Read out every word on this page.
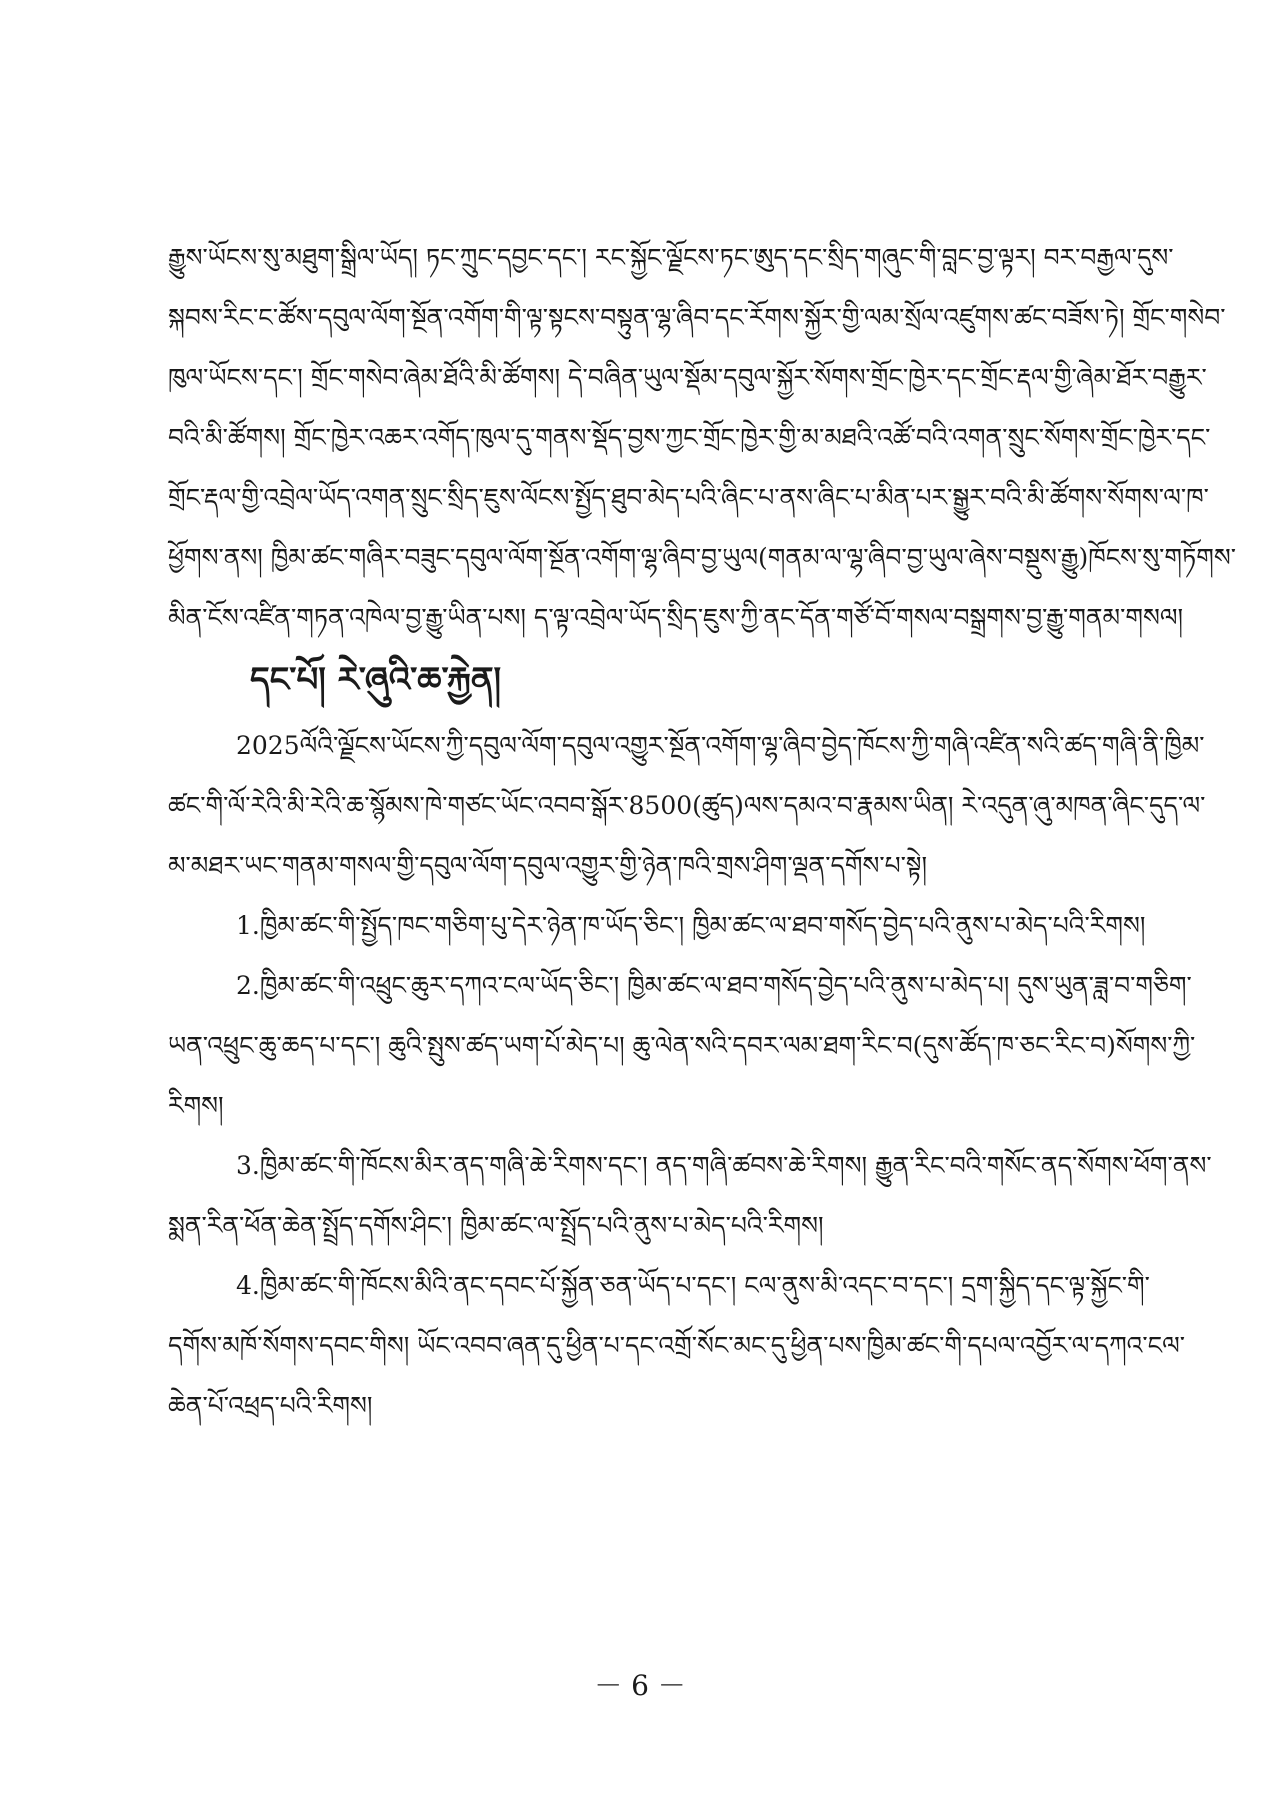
རྒྱུས་ཡོངས་སུ་མཐུག་སྒྲིལ་ཡོད། ཏང་ཀྲུང་དབྱང་དང་། རང་སྐྱོང་ལྗོངས་ཏང་ཨུད་དང་སྲིད་གཞུང་གི་བླང་བྱ་ལྟར། བར་བརྒྱལ་དུས་
སྐབས་རིང་ང་ཚོས་དབུལ་ལོག་སྔོན་འགོག་གི་ལྟ་སྟངས་བསྟུན་ལྷ་ཞིབ་དང་རོགས་སྐྱོར་གྱི་ལམ་སྲོལ་འཛུགས་ཚང་བཟོས་ཏེ། གྲོང་གསེབ་
ཁུལ་ཡོངས་དང་། གྲོང་གསེབ་ཞེམ་ཐོའི་མི་ཚོགས། དེ་བཞིན་ཡུལ་སྡོམ་དབུལ་སྐྱོར་སོགས་གྲོང་ཁྱེར་དང་གྲོང་རྡལ་གྱི་ཞེམ་ཐོར་བརྒྱུར་
བའི་མི་ཚོགས། གྲོང་ཁྱེར་འཆར་འགོད་ཁུལ་དུ་གནས་སྡོད་བྱས་ཀྱང་གྲོང་ཁྱེར་གྱི་མ་མཐའི་འཚོ་བའི་འགན་སྲུང་སོགས་གྲོང་ཁྱེར་དང་
གྲོང་རྡལ་གྱི་འབྲེལ་ཡོད་འགན་སྲུང་སྲིད་ཇུས་ལོངས་སྤྱོད་ཐུབ་མེད་པའི་ཞིང་པ་ནས་ཞིང་པ་མིན་པར་སྒྱུར་བའི་མི་ཚོགས་སོགས་ལ་ཁ་
ཕྱོགས་ནས། ཁྱིམ་ཚང་གཞིར་བཟུང་དབུལ་ལོག་སྔོན་འགོག་ལྷ་ཞིབ་བྱ་ཡུལ(གནམ་ལ་ལྷ་ཞིབ་བྱ་ཡུལ་ཞེས་བསྡུས་རྒྱུ)ཁོངས་སུ་གཏོགས་
མིན་ངོས་འཛིན་གཏན་འཁེལ་བྱ་རྒྱུ་ཡིན་པས། ད་ལྟ་འབྲེལ་ཡོད་སྲིད་ཇུས་ཀྱི་ནང་དོན་གཙོ་བོ་གསལ་བསྒྲགས་བྱ་རྒྱུ་གནམ་གསལ།
དང་པོ། རེ་ཞུའི་ཆ་རྐྱེན།
2025ལོའི་ལྗོངས་ཡོངས་ཀྱི་དབུལ་ལོག་དབུལ་འགྱུར་སྔོན་འགོག་ལྷ་ཞིབ་བྱེད་ཁོངས་ཀྱི་གཞི་འཛིན་སའི་ཚད་གཞི་ནི་ཁྱིམ་
ཚང་གི་ལོ་རེའི་མི་རེའི་ཆ་སྙོམས་ཁེ་གཙང་ཡོང་འབབ་སྒོར་8500(ཚུད)ལས་དམའ་བ་རྣམས་ཡིན། རེ་འདུན་ཞུ་མཁན་ཞིང་དུད་ལ་
མ་མཐར་ཡང་གནམ་གསལ་གྱི་དབུལ་ལོག་དབུལ་འགྱུར་གྱི་ཉེན་ཁའི་གྲས་ཤིག་ལྡན་དགོས་པ་སྟེ།
1.ཁྱིམ་ཚང་གི་སྤྱོད་ཁང་གཅིག་པུ་དེར་ཉེན་ཁ་ཡོད་ཅིང་། ཁྱིམ་ཚང་ལ་ཐབ་གསོད་བྱེད་པའི་ནུས་པ་མེད་པའི་རིགས།
2.ཁྱིམ་ཚང་གི་འཕྲུང་ཆུར་དཀའ་ངལ་ཡོད་ཅིང་། ཁྱིམ་ཚང་ལ་ཐབ་གསོད་བྱེད་པའི་ནུས་པ་མེད་པ། དུས་ཡུན་ཟླ་བ་གཅིག་
ཡན་འཕྲུང་ཆུ་ཆད་པ་དང་། ཆུའི་སྤུས་ཚད་ཡག་པོ་མེད་པ། ཆུ་ལེན་སའི་དབར་ལམ་ཐག་རིང་བ(དུས་ཚོད་ཁ་ཅང་རིང་བ)སོགས་ཀྱི་
རིགས།
3.ཁྱིམ་ཚང་གི་ཁོངས་མིར་ནད་གཞི་ཆེ་རིགས་དང་། ནད་གཞི་ཚབས་ཆེ་རིགས། རྒྱུན་རིང་བའི་གསོང་ནད་སོགས་ཕོག་ནས་
སྨན་རིན་ཕོན་ཆེན་སྤྲོད་དགོས་ཤིང་། ཁྱིམ་ཚང་ལ་སྤྲོད་པའི་ནུས་པ་མེད་པའི་རིགས།
4.ཁྱིམ་ཚང་གི་ཁོངས་མིའི་ནང་དབང་པོ་སྐྱོན་ཅན་ཡོད་པ་དང་། ངལ་ནུས་མི་འདང་བ་དང་། དྲག་སྐྱིད་དང་ལྟ་སྐྱོང་གི་
དགོས་མཁོ་སོགས་དབང་གིས། ཡོང་འབབ་ཞན་དུ་ཕྱིན་པ་དང་འགྲོ་སོང་མང་དུ་ཕྱིན་པས་ཁྱིམ་ཚང་གི་དཔལ་འབྱོར་ལ་དཀའ་ངལ་
ཆེན་པོ་འཕྲད་པའི་རིགས།
－ 6 －
